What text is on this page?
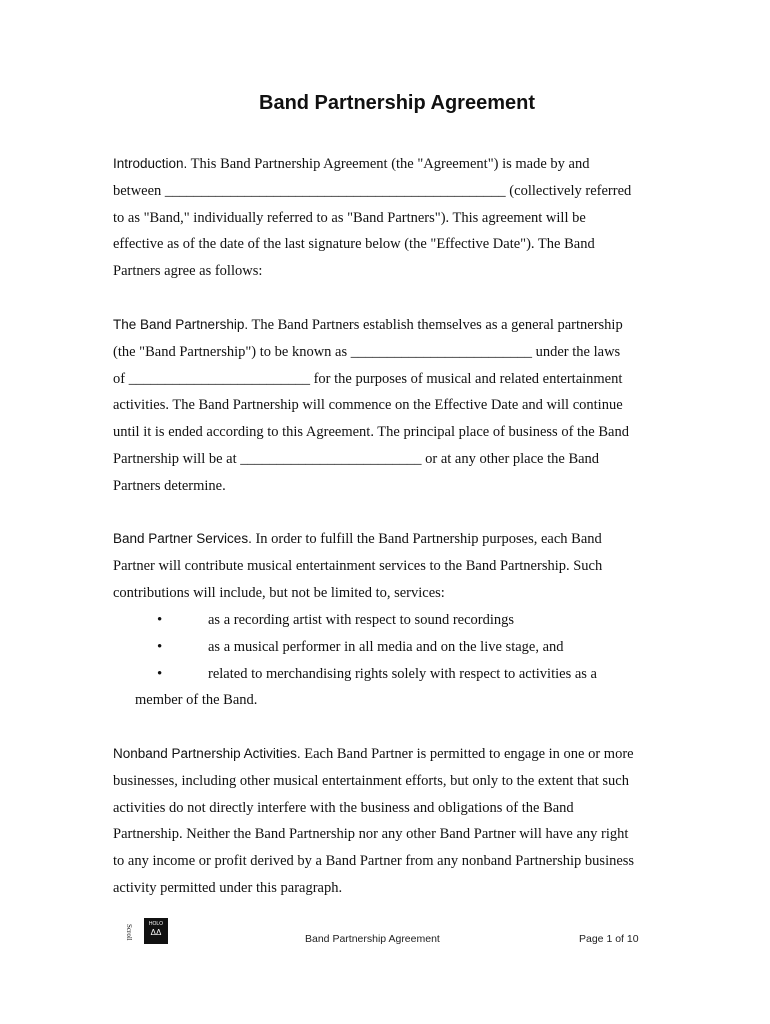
Band Partnership Agreement
Introduction. This Band Partnership Agreement (the "Agreement") is made by and
between _______________________________________________ (collectively referred
to as "Band," individually referred to as "Band Partners"). This agreement will be
effective as of the date of the last signature below (the "Effective Date"). The Band
Partners agree as follows:
The Band Partnership. The Band Partners establish themselves as a general partnership
(the "Band Partnership") to be known as _________________________ under the laws
of _________________________ for the purposes of musical and related entertainment
activities. The Band Partnership will commence on the Effective Date and will continue
until it is ended according to this Agreement. The principal place of business of the Band
Partnership will be at _________________________ or at any other place the Band
Partners determine.
Band Partner Services. In order to fulfill the Band Partnership purposes, each Band
Partner will contribute musical entertainment services to the Band Partnership. Such
contributions will include, but not be limited to, services:
•	as a recording artist with respect to sound recordings
•	as a musical performer in all media and on the live stage, and
•	related to merchandising rights solely with respect to activities as a
member of the Band.
Nonband Partnership Activities. Each Band Partner is permitted to engage in one or more
businesses, including other musical entertainment efforts, but only to the extent that such
activities do not directly interfere with the business and obligations of the Band
Partnership. Neither the Band Partnership nor any other Band Partner will have any right
to any income or profit derived by a Band Partner from any nonband Partnership business
activity permitted under this paragraph.
Scroll	HOLO
ΔΔ
Band Partnership Agreement	Page 1 of 10
